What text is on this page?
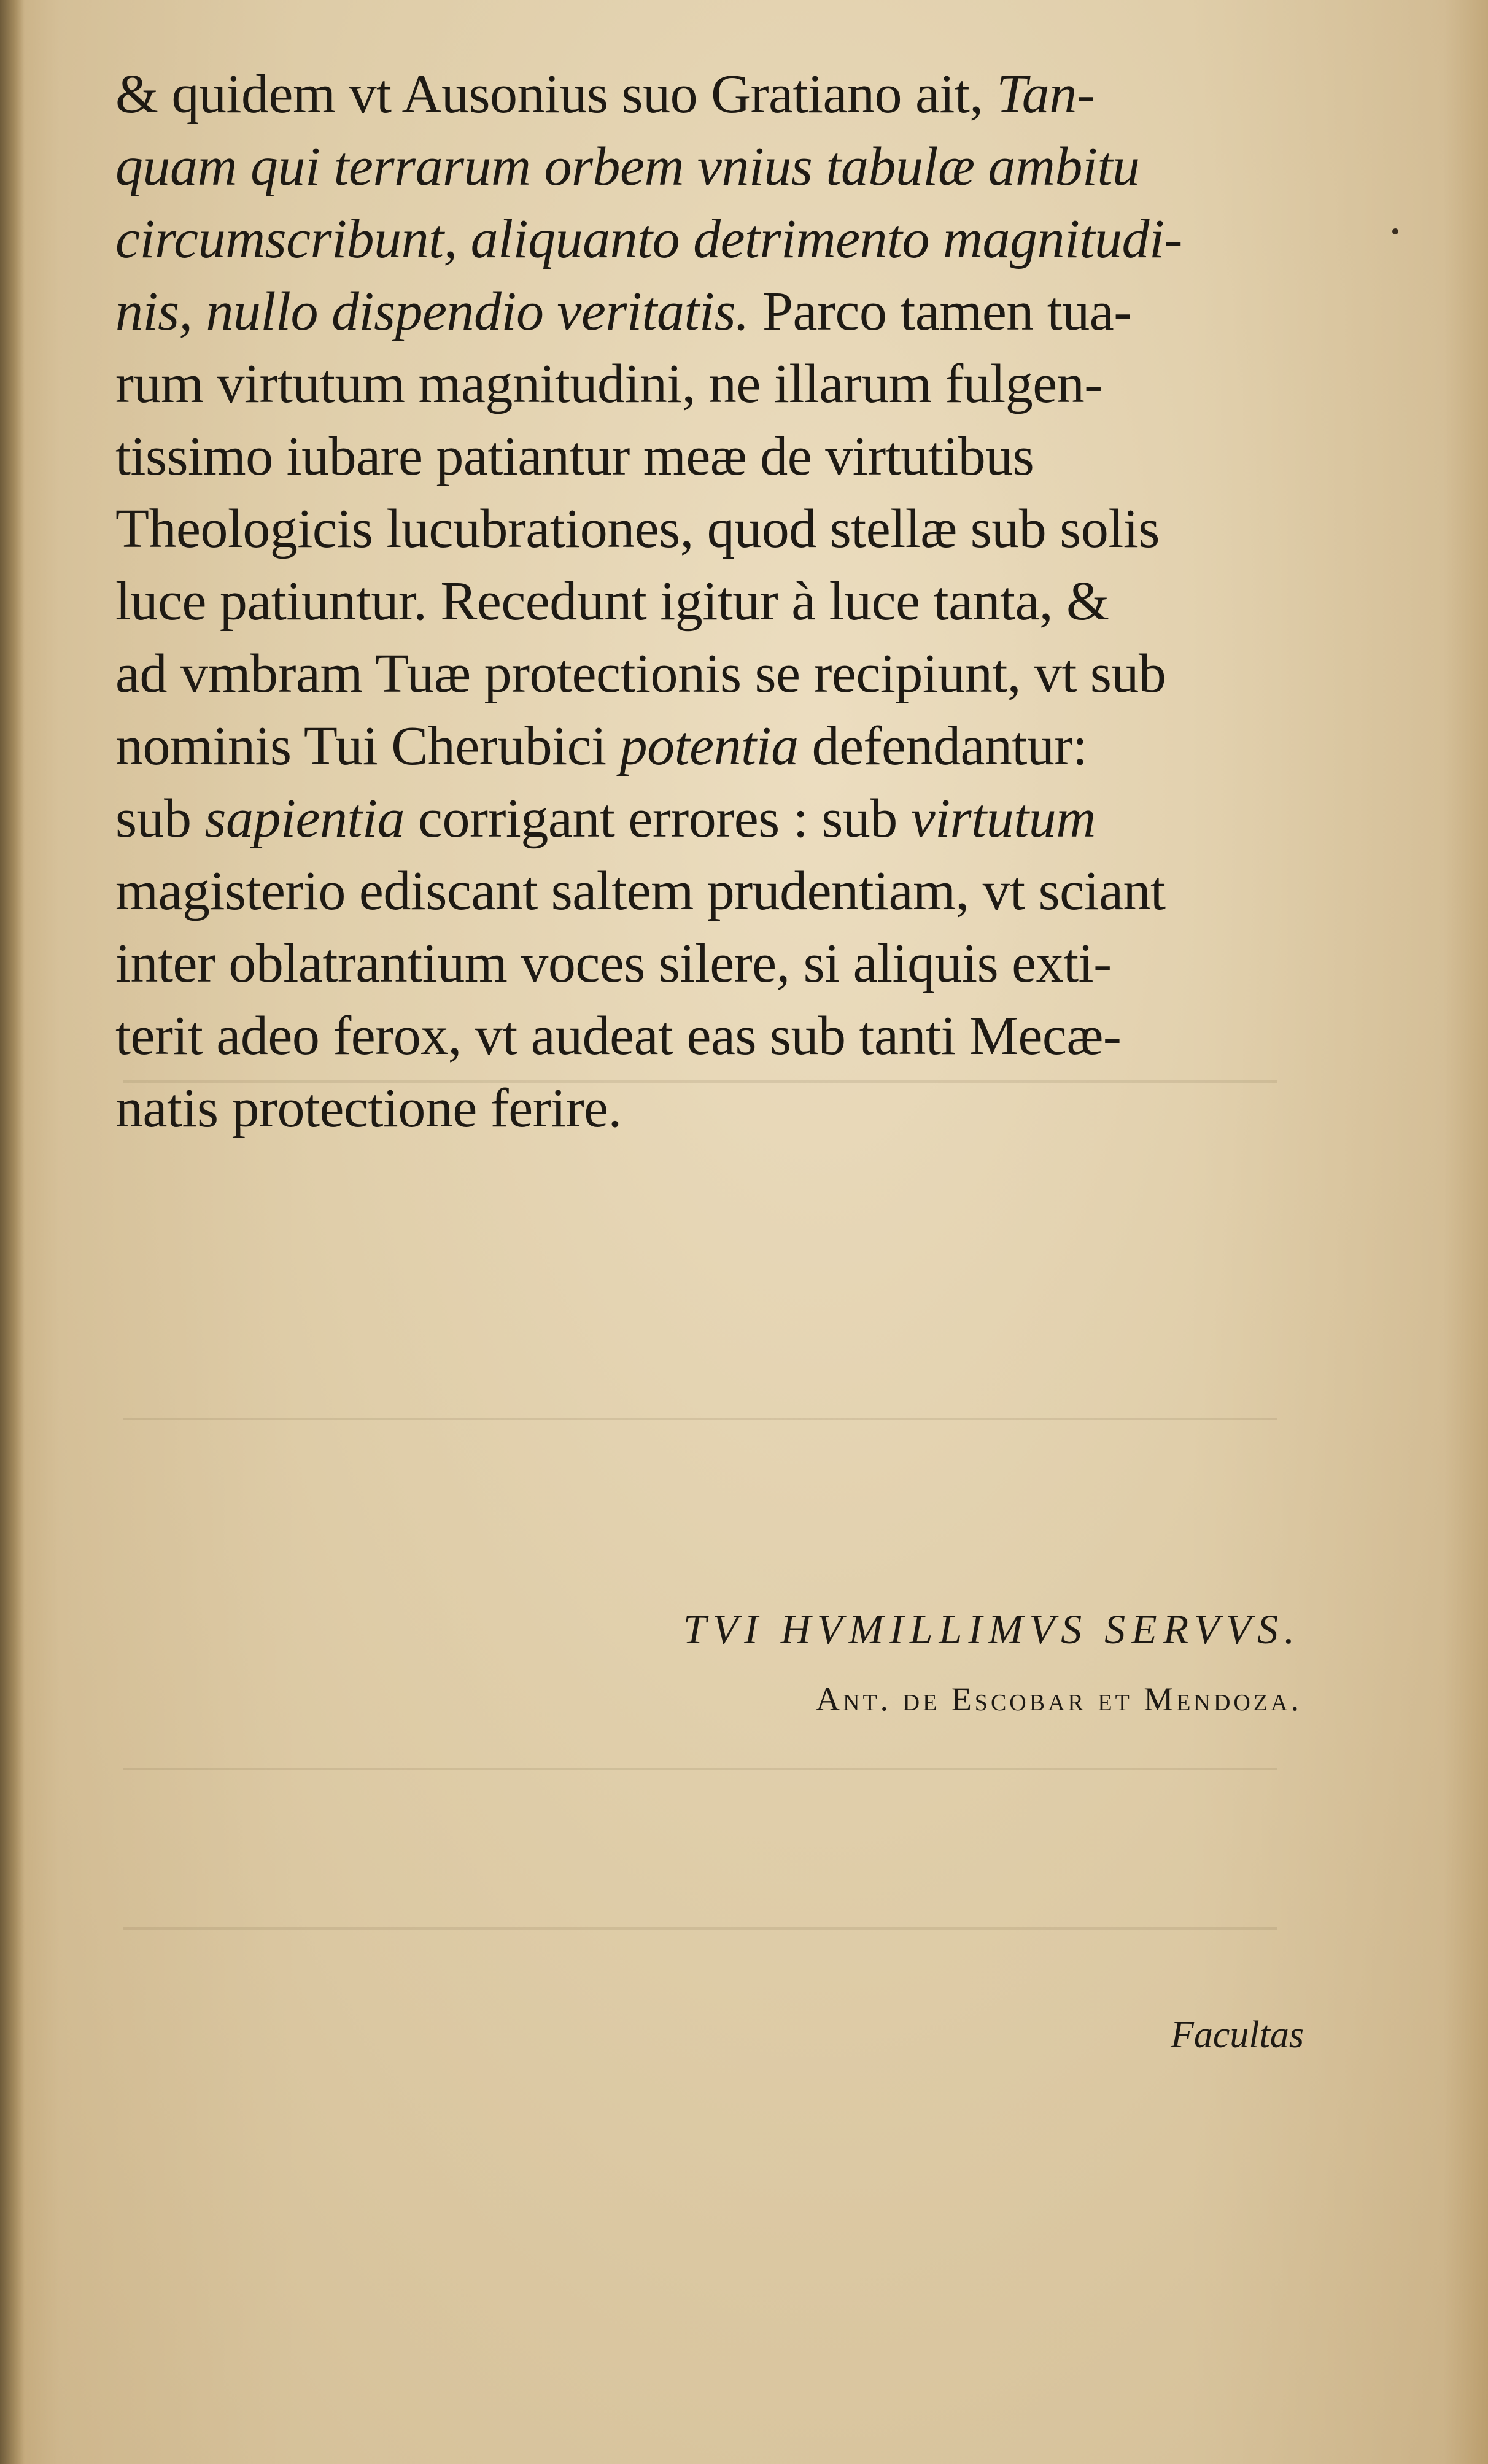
& quidem vt Ausonius suo Gratiano ait, Tan-
quam qui terrarum orbem vnius tabulæ ambitu
circumscribunt, aliquanto detrimento magnitudi-
nis, nullo dispendio veritatis. Parco tamen tua-
rum virtutum magnitudini, ne illarum fulgen-
tissimo iubare patiantur meæ de virtutibus
Theologicis lucubrationes, quod stellæ sub solis
luce patiuntur. Recedunt igitur à luce tanta, &
ad vmbram Tuæ protectionis se recipiunt, vt sub
nominis Tui Cherubici potentia defendantur:
sub sapientia corrigant errores : sub virtutum
magisterio ediscant saltem prudentiam, vt sciant
inter oblatrantium voces silere, si aliquis exti-
terit adeo ferox, vt audeat eas sub tanti Mecæ-
natis protectione ferire.
TVI HVMILLIMVS SERVVS.
Ant. de Escobar et Mendoza.
Facultas
